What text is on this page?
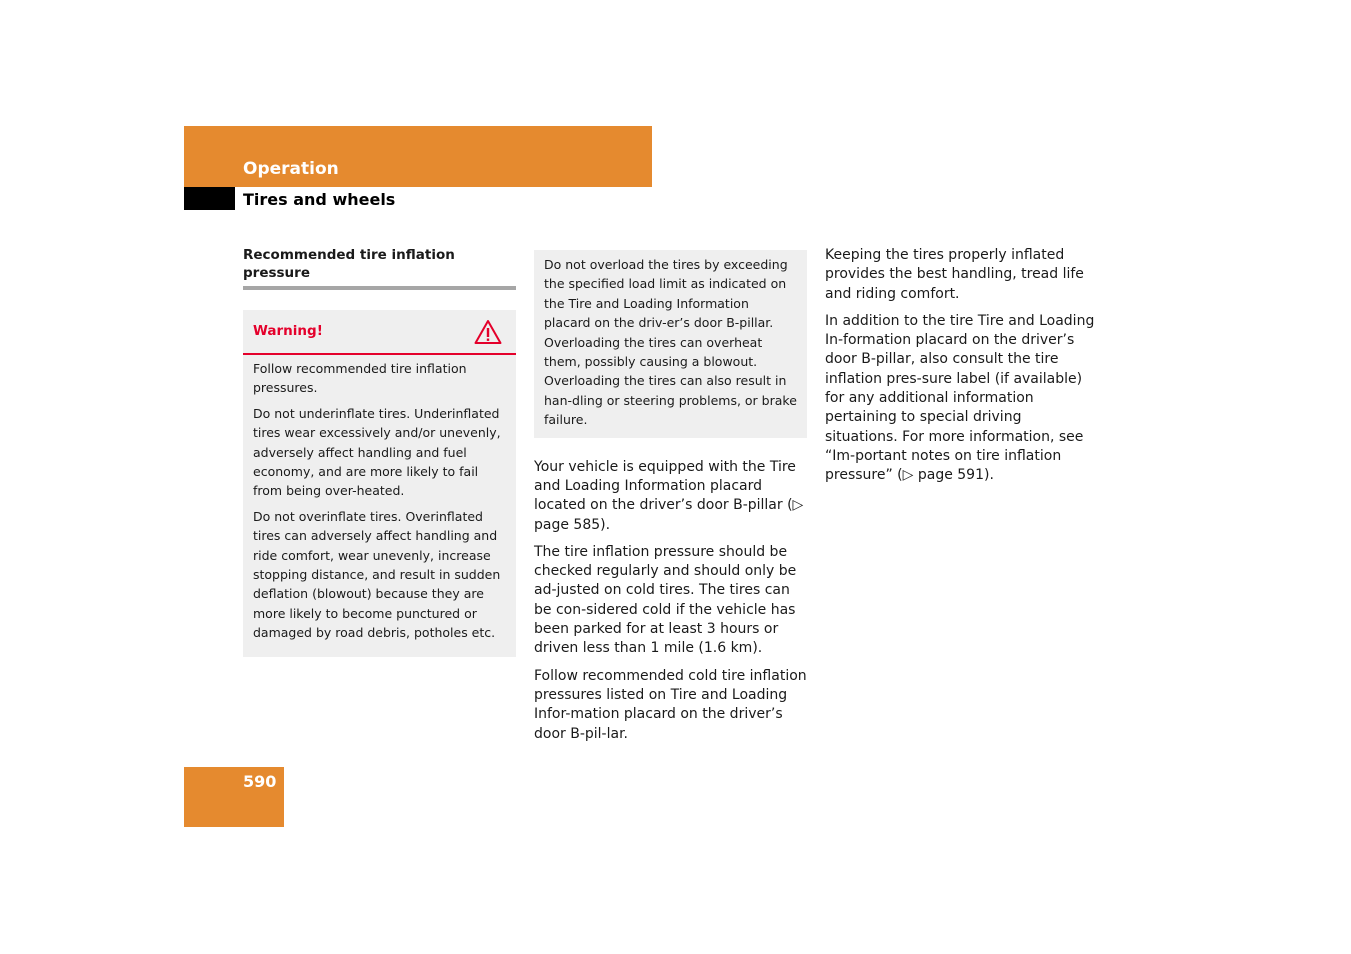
Operation
Tires and wheels
Recommended tire inflation pressure
Warning!

Follow recommended tire inflation pressures.

Do not underinflate tires. Underinflated tires wear excessively and/or unevenly, adversely affect handling and fuel economy, and are more likely to fail from being over-heated.

Do not overinflate tires. Overinflated tires can adversely affect handling and ride comfort, wear unevenly, increase stopping distance, and result in sudden deflation (blowout) because they are more likely to become punctured or damaged by road debris, potholes etc.

Do not overload the tires by exceeding the specified load limit as indicated on the Tire and Loading Information placard on the driv-er’s door B-pillar. Overloading the tires can overheat them, possibly causing a blowout. Overloading the tires can also result in han-dling or steering problems, or brake failure.

Your vehicle is equipped with the Tire and Loading Information placard located on the driver’s door B-pillar (▷ page 585).

The tire inflation pressure should be checked regularly and should only be ad-justed on cold tires. The tires can be con-sidered cold if the vehicle has been parked for at least 3 hours or driven less than 1 mile (1.6 km).

Follow recommended cold tire inflation pressures listed on Tire and Loading Infor-mation placard on the driver’s door B-pil-lar.

Keeping the tires properly inflated provides the best handling, tread life and riding comfort.

In addition to the tire Tire and Loading In-formation placard on the driver’s door B-pillar, also consult the tire inflation pres-sure label (if available) for any additional information pertaining to special driving situations. For more information, see “Im-portant notes on tire inflation pressure” (▷ page 591).

590
